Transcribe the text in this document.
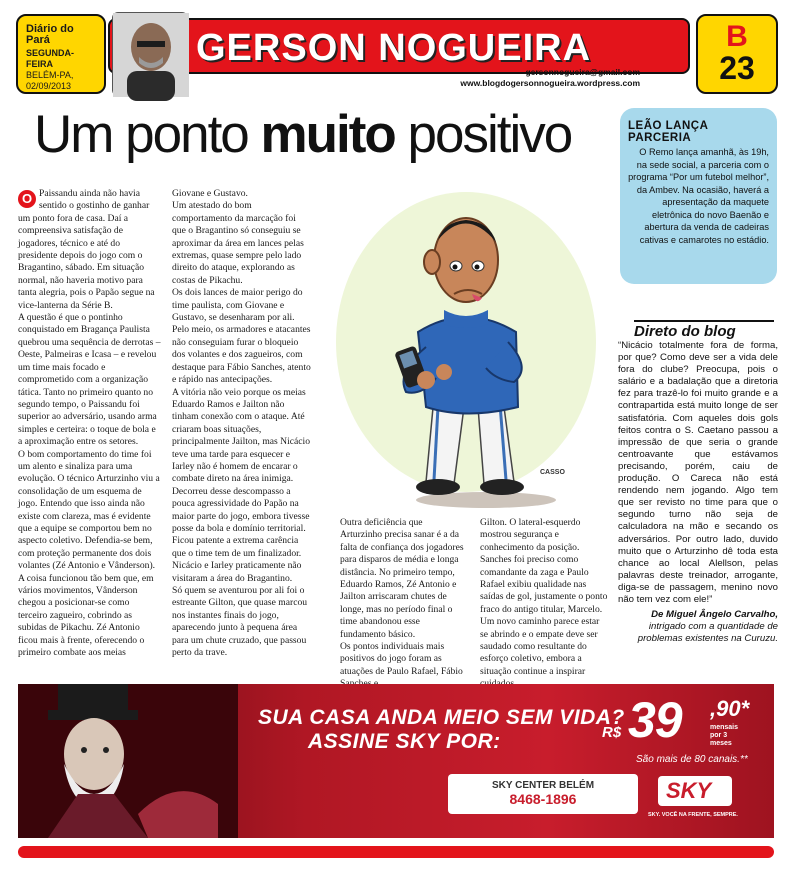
Diário do Pará
SEGUNDA-FEIRA
BELÉM-PA,
02/09/2013
GERSON NOGUEIRA
gersonnogueira@gmail.com
www.blogdogersonnogueira.wordpress.com
B
23
Um ponto muito positivo	LEÃO LANÇA PARCERIA
O Remo lança amanhã, às 19h, na sede social, a parceria com o programa “Por um futebol melhor”, da Ambev. Na ocasião, haverá a apresentação da maquete eletrônica do novo Baenão e abertura da venda de cadeiras cativas e camarotes no estádio.
O Paissandu ainda não havia sentido o gostinho de ganhar um ponto fora de casa. Daí a compreensiva satisfação de jogadores, técnico e até do presidente depois do jogo com o Bragantino, sábado. Em situação normal, não haveria motivo para tanta alegria, pois o Papão segue na vice-lanterna da Série B.

A questão é que o pontinho conquistado em Bragança Paulista quebrou uma sequência de derrotas – Oeste, Palmeiras e Icasa – e revelou um time mais focado e comprometido com a organização tática. Tanto no primeiro quanto no segundo tempo, o Paissandu foi superior ao adversário, usando arma simples e certeira: o toque de bola e a aproximação entre os setores.

O bom comportamento do time foi um alento e sinaliza para uma evolução. O técnico Arturzinho viu a consolidação de um esquema de jogo. Entendo que isso ainda não existe com clareza, mas é evidente que a equipe se comportou bem no aspecto coletivo. Defendia-se bem, com proteção permanente dos dois volantes (Zé Antonio e Vânderson).

A coisa funcionou tão bem que, em vários movimentos, Vânderson chegou a posicionar-se como terceiro zagueiro, cobrindo as subidas de Pikachu. Zé Antonio ficou mais à frente, oferecendo o primeiro combate aos meias

Giovane e Gustavo.

Um atestado do bom comportamento da marcação foi que o Bragantino só conseguiu se aproximar da área em lances pelas extremas, quase sempre pelo lado direito do ataque, explorando as costas de Pikachu.

Os dois lances de maior perigo do time paulista, com Giovane e Gustavo, se desenharam por ali. Pelo meio, os armadores e atacantes não conseguiam furar o bloqueio dos volantes e dos zagueiros, com destaque para Fábio Sanches, atento e rápido nas antecipações.

A vitória não veio porque os meias Eduardo Ramos e Jailton não tinham conexão com o ataque. Até criaram boas situações, principalmente Jailton, mas Nicácio teve uma tarde para esquecer e Iarley não é homem de encarar o combate direto na área inimiga.

Decorreu desse descompasso a pouca agressividade do Papão na maior parte do jogo, embora tivesse posse da bola e domínio territorial. Ficou patente a extrema carência que o time tem de um finalizador. Nicácio e Iarley praticamente não visitaram a área do Bragantino.

Só quem se aventurou por ali foi o estreante Gilton, que quase marcou nos instantes finais do jogo, aparecendo junto à pequena área para um chute cruzado, que passou perto da trave.

CASSO

Outra deficiência que Arturzinho precisa sanar é a da falta de confiança dos jogadores para disparos de média e longa distância. No primeiro tempo, Eduardo Ramos, Zé Antonio e Jailton arriscaram chutes de longe, mas no período final o time abandonou esse fundamento básico.

Os pontos individuais mais positivos do jogo foram as atuações de Paulo Rafael, Fábio

Gilton. O lateral-esquerdo mostrou segurança e conhecimento da posição. Sanches foi preciso como comandante da zaga e Paulo Rafael exibiu qualidade nas saídas de gol, justamente o ponto fraco do antigo titular, Marcelo.

Um novo caminho parece estar se abrindo e o empate deve ser saudado como resultante do esforço coletivo, embora a situação continue a inspirar

Direto do blog

“Nicácio totalmente fora de forma, por que? Como deve ser a vida dele fora do clube? Preocupa, pois o salário e a badalação que a diretoria fez para trazê-lo foi muito grande e a contrapartida está muito longe de ser satisfatória. Com aqueles dois gols feitos contra o S. Caetano passou a impressão de que seria o grande centroavante que estávamos precisando, porém, caiu de produção. O Careca não está rendendo nem jogando. Algo tem que ser revisto no time para que o segundo turno não seja de calculadora na mão e secando os adversários. Por outro lado, duvido muito que o Arturzinho dê toda esta chance ao local Alellson, pelas palavras deste treinador, arrogante, diga-se de passagem, menino novo não tem vez com ele!”

De Miguel Ângelo Carvalho, intrigado com a quantidade de problemas existentes na Curuzu.

SUA CASA ANDA MEIO SEM VIDA?
ASSINE SKY POR:	R$ 39 ,90*
mensais por 3 meses
São mais de 80 canais.**
SKY CENTER BELÉM
8468-1896	SKY
SKY. VOCÊ NA FRENTE, SEMPRE.
